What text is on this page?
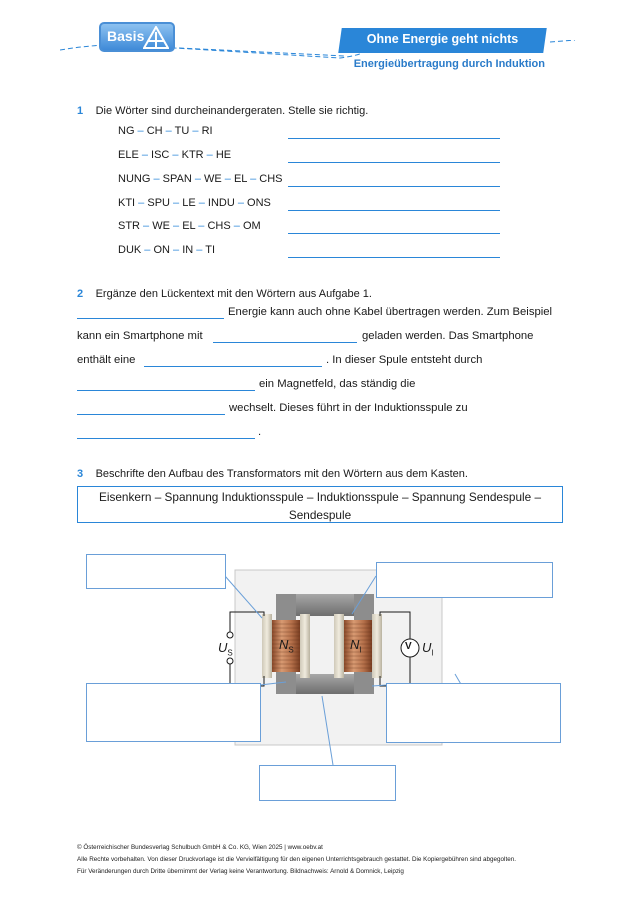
Basis	Ohne Energie geht nichts
Energieübertragung durch Induktion
1 Die Wörter sind durcheinandergeraten. Stelle sie richtig.
NG – CH – TU – RI
ELE – ISC – KTR – HE
NUNG – SPAN – WE – EL – CHS
KTI – SPU – LE – INDU – ONS
STR – WE – EL – CHS – OM
DUK – ON – IN – TI
2 Ergänze den Lückentext mit den Wörtern aus Aufgabe 1.
Energie kann auch ohne Kabel übertragen werden. Zum Beispiel
kann ein Smartphone mit	geladen werden. Das Smartphone
enthält eine	. In dieser Spule entsteht durch
ein Magnetfeld, das ständig die
wechselt. Dieses führt in der Induktionsspule zu
.
3 Beschrifte den Aufbau des Transformators mit den Wörtern aus dem Kasten.
Eisenkern – Spannung Induktionsspule – Induktionsspule – Spannung Sendespule –
Sendespule
$U_S$
$N_S$	$N_I$	V $U_I$
© Österreichischer Bundesverlag Schulbuch GmbH & Co. KG, Wien 2025 | www.oebv.at
Alle Rechte vorbehalten. Von dieser Druckvorlage ist die Vervielfältigung für den eigenen Unterrichtsgebrauch gestattet. Die Kopiergebühren sind abgegolten.
Für Veränderungen durch Dritte übernimmt der Verlag keine Verantwortung. Bildnachweis: Arnold & Domnick, Leipzig
